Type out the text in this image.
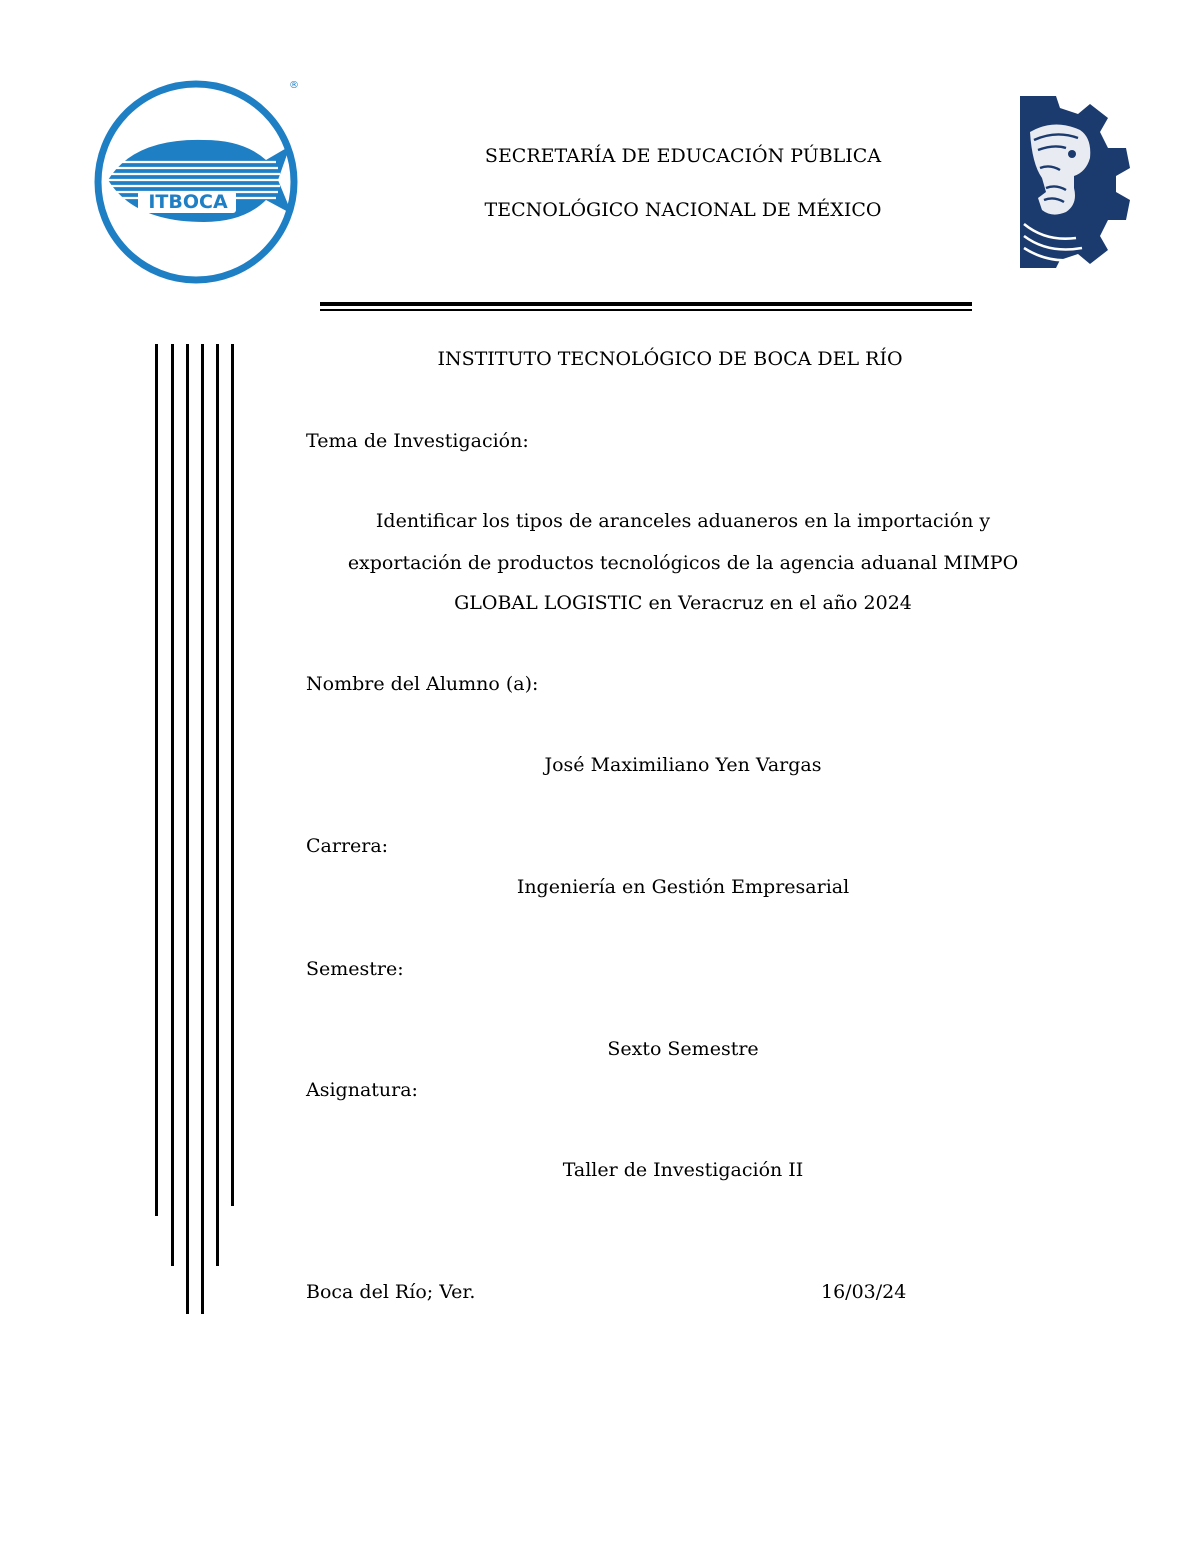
ITBOCA
®
SECRETARÍA DE EDUCACIÓN PÚBLICA
TECNOLÓGICO NACIONAL DE MÉXICO
INSTITUTO TECNOLÓGICO DE BOCA DEL RÍO
Tema de Investigación:
Identificar los tipos de aranceles aduaneros en la importación y
exportación de productos tecnológicos de la agencia aduanal MIMPO
GLOBAL LOGISTIC en Veracruz en el año 2024
Nombre del Alumno (a):
José Maximiliano Yen Vargas
Carrera:
Ingeniería en Gestión Empresarial
Semestre:
Sexto Semestre
Asignatura:
Taller de Investigación II
Boca del Río; Ver.	16/03/24
